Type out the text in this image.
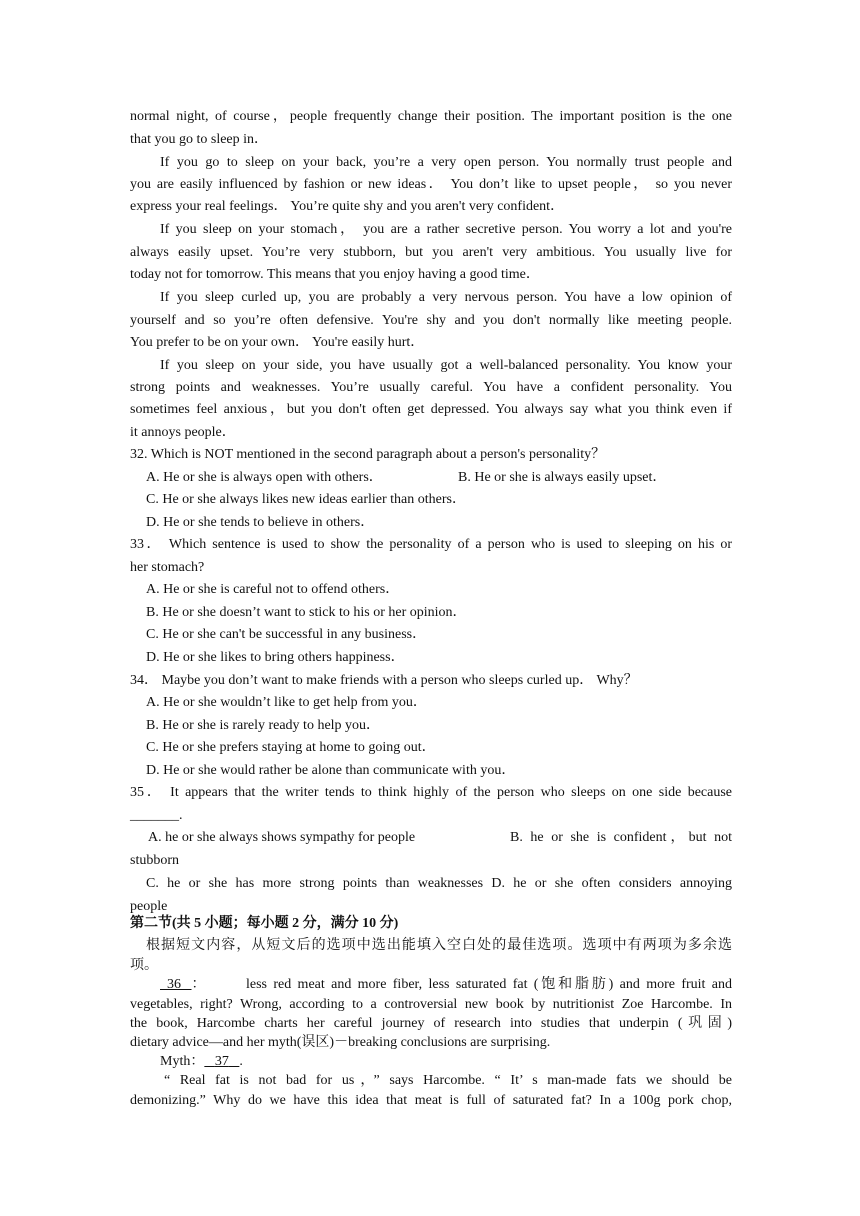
normal night, of course，people frequently change their position. The important position is the one
that you go to sleep in．
If you go to sleep on your back, you’re a very open person. You normally trust people and
you are easily influenced by fashion or new ideas． You don’t like to upset people， so you never
express your real feelings． You’re quite shy and you aren't very confident．
If you sleep on your stomach， you are a rather secretive person. You worry a lot and you're
always easily upset. You’re very stubborn, but you aren't very ambitious. You usually live for
today not for tomorrow. This means that you enjoy having a good time．
If you sleep curled up, you are probably a very nervous person. You have a low opinion of
yourself and so you’re often defensive. You're shy and you don't normally like meeting people.
You prefer to be on your own． You're easily hurt．
If you sleep on your side, you have usually got a well-balanced personality. You know your
strong points and weaknesses. You’re usually careful. You have a confident personality. You
sometimes feel anxious，but you don't often get depressed. You always say what you think even if
it annoys people．
32. Which is NOT mentioned in the second paragraph about a person's personality？
A. He or she is always open with others．	B. He or she is always easily upset．
C. He or she always likes new ideas earlier than others．
D. He or she tends to believe in others．
33． Which sentence is used to show the personality of a person who is used to sleeping on his or
her stomach?
A. He or she is careful not to offend others．
B. He or she doesn’t want to stick to his or her opinion．
C. He or she can't be successful in any business．
D. He or she likes to bring others happiness．
34． Maybe you don’t want to make friends with a person who sleeps curled up． Why？
A. He or she wouldn’t like to get help from you．
B. He or she is rarely ready to help you．
C. He or she prefers staying at home to going out．
D. He or she would rather be alone than communicate with you．
35． It appears that the writer tends to think highly of the person who sleeps on one side because
_______.
A. he or she always shows sympathy for people	B. he or she is confident，but not
stubborn
C. he or she has more strong points than weaknesses D. he or she often considers annoying
people
第二节(共 5 小题；每小题 2 分，满分 10 分)
根据短文内容，从短文后的选项中选出能填入空白处的最佳选项。选项中有两项为多余选
项。
36 ：	less red meat and more fiber, less saturated fat (饱和脂肪) and more fruit and
vegetables, right? Wrong, according to a controversial new book by nutritionist Zoe Harcombe. In
the book, Harcombe charts her careful journey of research into studies that underpin (巩固)
dietary advice—and her myth(误区)－breaking conclusions are surprising.
Myth： 37 .
“ Real fat is not bad for us，” says Harcombe. “ It’ s man-made fats we should be
demonizing.” Why do we have this idea that meat is full of saturated fat? In a 100g pork chop,
